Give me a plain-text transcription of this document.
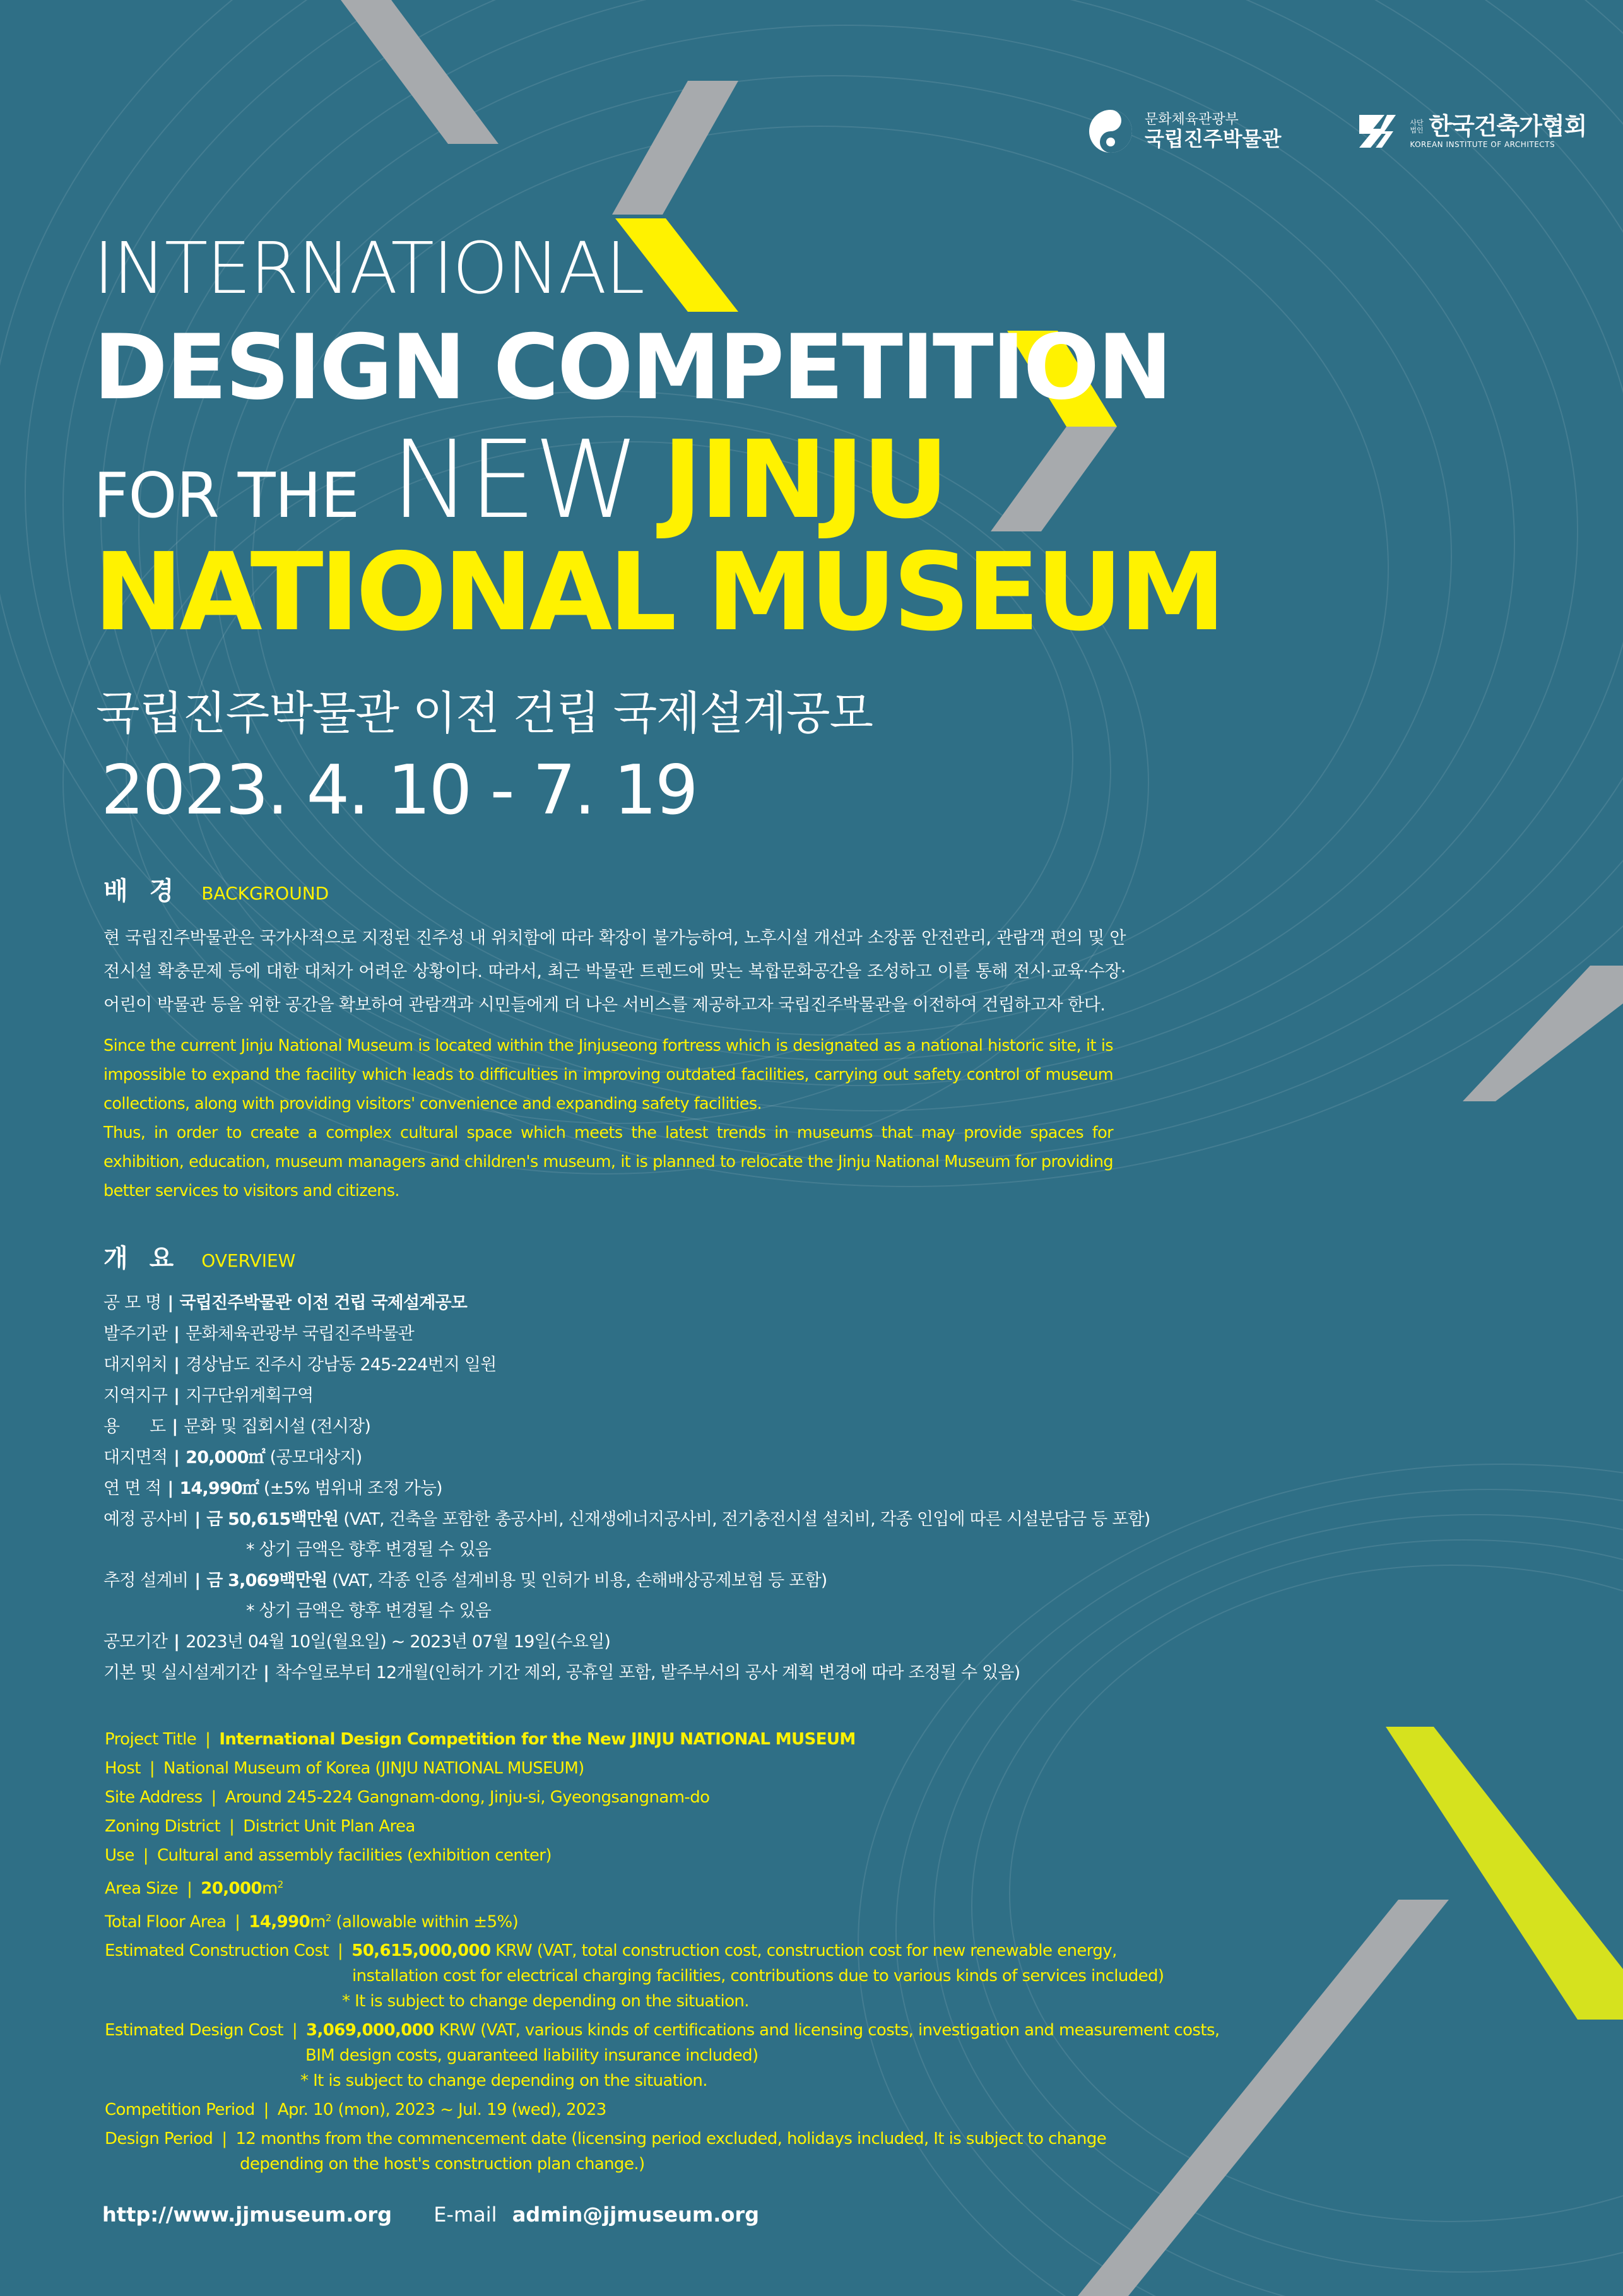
문화체육관광부
국립진주박물관
사단법인 한국건축가협회
KOREAN INSTITUTE OF ARCHITECTS
INTERNATIONAL
DESIGN COMPETITION
FOR THE NEW JINJU
NATIONAL MUSEUM
국립진주박물관 이전 건립 국제설계공모
2023. 4. 10 - 7. 19
배 경 BACKGROUND
현 국립진주박물관은 국가사적으로 지정된 진주성 내 위치함에 따라 확장이 불가능하여, 노후시설 개선과 소장품 안전관리, 관람객 편의 및 안전시설 확충문제 등에 대한 대처가 어려운 상황이다. 따라서, 최근 박물관 트렌드에 맞는 복합문화공간을 조성하고 이를 통해 전시·교육·수장·어린이 박물관 등을 위한 공간을 확보하여 관람객과 시민들에게 더 나은 서비스를 제공하고자 국립진주박물관을 이전하여 건립하고자 한다.
Since the current Jinju National Museum is located within the Jinjuseong fortress which is designated as a national historic site, it is impossible to expand the facility which leads to difficulties in improving outdated facilities, carrying out safety control of museum collections, along with providing visitors' convenience and expanding safety facilities.
Thus, in order to create a complex cultural space which meets the latest trends in museums that may provide spaces for exhibition, education, museum managers and children's museum, it is planned to relocate the Jinju National Museum for providing better services to visitors and citizens.
개 요 OVERVIEW
공 모 명 | 국립진주박물관 이전 건립 국제설계공모
발주기관 | 문화체육관광부 국립진주박물관
대지위치 | 경상남도 진주시 강남동 245-224번지 일원
지역지구 | 지구단위계획구역
용 도 | 문화 및 집회시설 (전시장)
대지면적 | 20,000㎡ (공모대상지)
연 면 적 | 14,990㎡ (±5% 범위내 조정 가능)
예정 공사비 | 금 50,615백만원 (VAT, 건축을 포함한 총공사비, 신재생에너지공사비, 전기충전시설 설치비, 각종 인입에 따른 시설분담금 등 포함)
* 상기 금액은 향후 변경될 수 있음
추정 설계비 | 금 3,069백만원 (VAT, 각종 인증 설계비용 및 인허가 비용, 손해배상공제보험 등 포함)
* 상기 금액은 향후 변경될 수 있음
공모기간 | 2023년 04월 10일(월요일) ~ 2023년 07월 19일(수요일)
기본 및 실시설계기간 | 착수일로부터 12개월(인허가 기간 제외, 공휴일 포함, 발주부서의 공사 계획 변경에 따라 조정될 수 있음)
Project Title | International Design Competition for the New JINJU NATIONAL MUSEUM
Host | National Museum of Korea (JINJU NATIONAL MUSEUM)
Site Address | Around 245-224 Gangnam-dong, Jinju-si, Gyeongsangnam-do
Zoning District | District Unit Plan Area
Use | Cultural and assembly facilities (exhibition center)
Area Size | $20,000m^2$
Total Floor Area | $14,990m^2$ (allowable within ±5%)
Estimated Construction Cost | 50,615,000,000 KRW (VAT, total construction cost, construction cost for new renewable energy,
installation cost for electrical charging facilities, contributions due to various kinds of services included)
* It is subject to change depending on the situation.
Estimated Design Cost | 3,069,000,000 KRW (VAT, various kinds of certifications and licensing costs, investigation and measurement costs,
BIM design costs, guaranteed liability insurance included)
* It is subject to change depending on the situation.
Competition Period | Apr. 10 (mon), 2023 ~ Jul. 19 (wed), 2023
Design Period | 12 months from the commencement date (licensing period excluded, holidays included, It is subject to change
depending on the host's construction plan change.)
http://www.jjmuseum.org E-mail admin@jjmuseum.org
